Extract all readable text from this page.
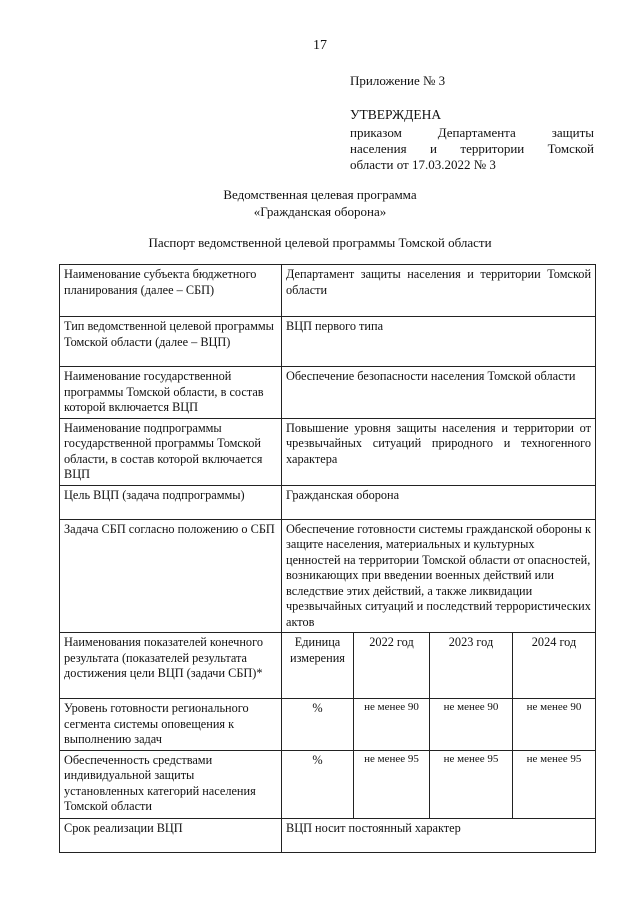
17
Приложение № 3
УТВЕРЖДЕНА
приказом Департамента защиты
населения и территории Томской
области от 17.03.2022 № 3
Ведомственная целевая программа
«Гражданская оборона»
Паспорт ведомственной целевой программы Томской области
Наименование субъекта бюджетного планирования (далее – СБП)	Департамент защиты населения и территории Томской области			
Тип ведомственной целевой программы Томской области (далее – ВЦП)	ВЦП первого типа			
Наименование государственной программы Томской области, в состав которой включается ВЦП	Обеспечение безопасности населения Томской области			
Наименование подпрограммы государственной программы Томской области, в состав которой включается ВЦП	Повышение уровня защиты населения и территории от чрезвычайных ситуаций природного и техногенного характера			
Цель ВЦП (задача подпрограммы)	Гражданская оборона			
Задача СБП согласно положению о СБП	Обеспечение готовности системы гражданской обороны к защите населения, материальных и культурных ценностей на территории Томской области от опасностей, возникающих при введении военных действий или вследствие этих действий, а также ликвидации чрезвычайных ситуаций и последствий террористических актов			
Наименования показателей конечного результата (показателей результата достижения цели ВЦП (задачи СБП)*	Единица измерения	2022 год	2023 год	2024 год
Уровень готовности регионального сегмента системы оповещения к выполнению задач	%	не менее 90	не менее 90	не менее 90
Обеспеченность средствами индивидуальной защиты установленных категорий населения Томской области	%	не менее 95	не менее 95	не менее 95
Срок реализации ВЦП	ВЦП носит постоянный характер			
